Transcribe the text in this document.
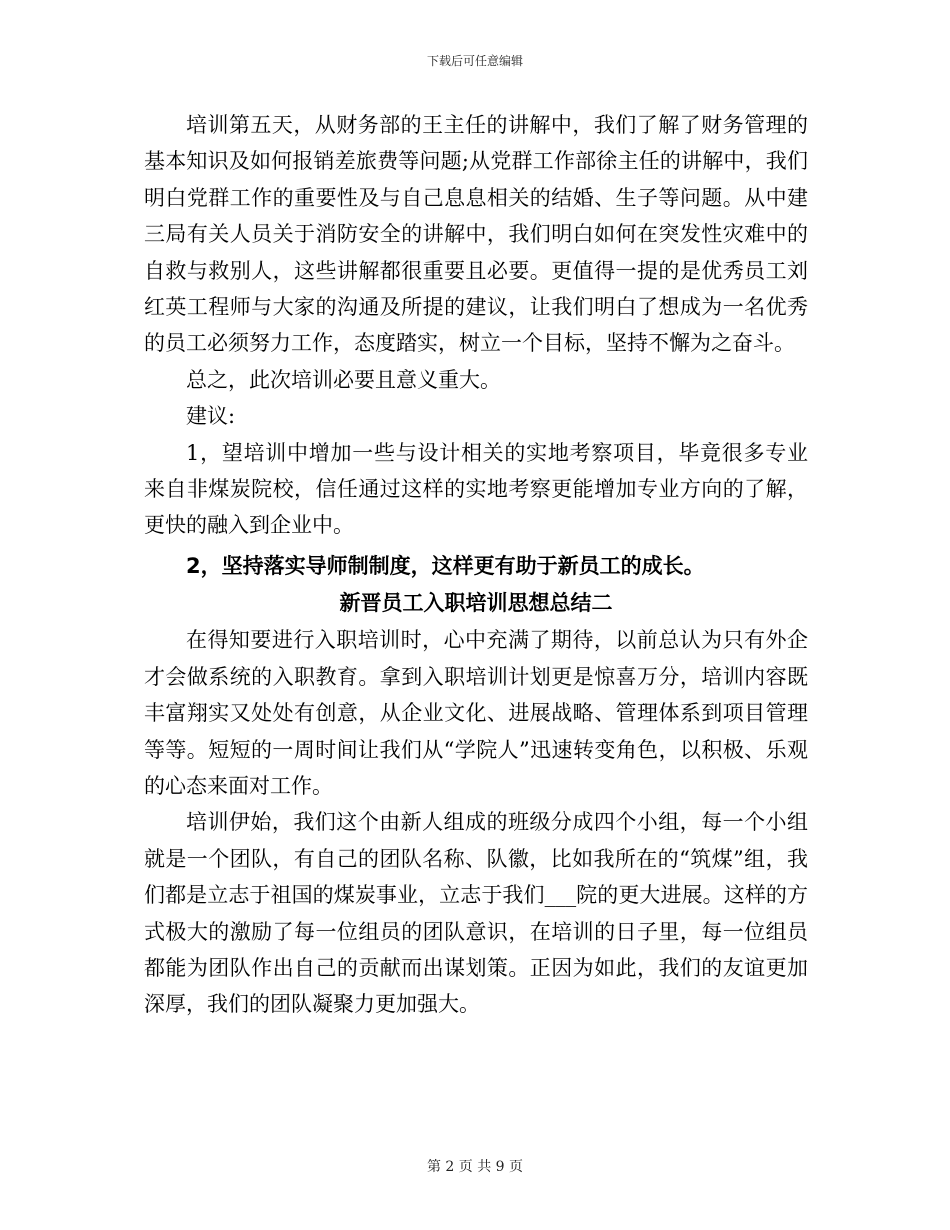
下载后可任意编辑

培训第五天，从财务部的王主任的讲解中，我们了解了财务管理的基本知识及如何报销差旅费等问题;从党群工作部徐主任的讲解中，我们明白党群工作的重要性及与自己息息相关的结婚、生子等问题。从中建三局有关人员关于消防安全的讲解中，我们明白如何在突发性灾难中的自救与救别人，这些讲解都很重要且必要。更值得一提的是优秀员工刘红英工程师与大家的沟通及所提的建议，让我们明白了想成为一名优秀的员工必须努力工作，态度踏实，树立一个目标，坚持不懈为之奋斗。

总之，此次培训必要且意义重大。

建议:

1，望培训中增加一些与设计相关的实地考察项目，毕竟很多专业来自非煤炭院校，信任通过这样的实地考察更能增加专业方向的了解，更快的融入到企业中。

2，坚持落实导师制制度，这样更有助于新员工的成长。

新晋员工入职培训思想总结二

在得知要进行入职培训时，心中充满了期待，以前总认为只有外企才会做系统的入职教育。拿到入职培训计划更是惊喜万分，培训内容既丰富翔实又处处有创意，从企业文化、进展战略、管理体系到项目管理等等。短短的一周时间让我们从“学院人”迅速转变角色，以积极、乐观的心态来面对工作。

培训伊始，我们这个由新人组成的班级分成四个小组，每一个小组就是一个团队，有自己的团队名称、队徽，比如我所在的“筑煤”组，我们都是立志于祖国的煤炭事业，立志于我们___院的更大进展。这样的方式极大的激励了每一位组员的团队意识，在培训的日子里，每一位组员都能为团队作出自己的贡献而出谋划策。正因为如此，我们的友谊更加深厚，我们的团队凝聚力更加强大。

第 2 页 共 9 页
